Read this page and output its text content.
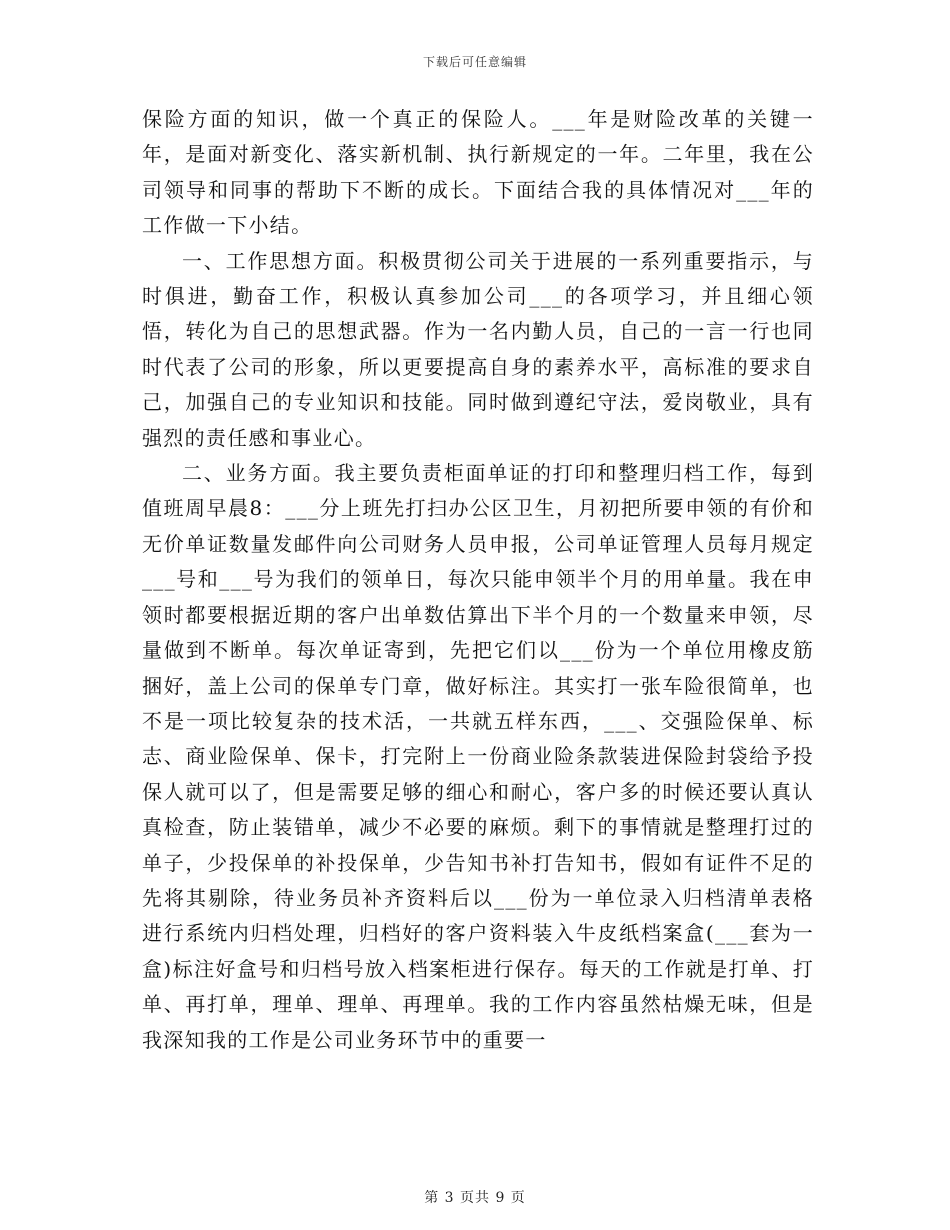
下载后可任意编辑

保险方面的知识，做一个真正的保险人。___年是财险改革的关键一年，是面对新变化、落实新机制、执行新规定的一年。二年里，我在公司领导和同事的帮助下不断的成长。下面结合我的具体情况对___年的工作做一下小结。

一、工作思想方面。积极贯彻公司关于进展的一系列重要指示，与时俱进，勤奋工作，积极认真参加公司___的各项学习，并且细心领悟，转化为自己的思想武器。作为一名内勤人员，自己的一言一行也同时代表了公司的形象，所以更要提高自身的素养水平，高标准的要求自己，加强自己的专业知识和技能。同时做到遵纪守法，爱岗敬业，具有强烈的责任感和事业心。

二、业务方面。我主要负责柜面单证的打印和整理归档工作，每到值班周早晨8：___分上班先打扫办公区卫生，月初把所要申领的有价和无价单证数量发邮件向公司财务人员申报，公司单证管理人员每月规定___号和___号为我们的领单日，每次只能申领半个月的用单量。我在申领时都要根据近期的客户出单数估算出下半个月的一个数量来申领，尽量做到不断单。每次单证寄到，先把它们以___份为一个单位用橡皮筋捆好，盖上公司的保单专门章，做好标注。其实打一张车险很简单，也不是一项比较复杂的技术活，一共就五样东西，___、交强险保单、标志、商业险保单、保卡，打完附上一份商业险条款装进保险封袋给予投保人就可以了，但是需要足够的细心和耐心，客户多的时候还要认真认真检查，防止装错单，减少不必要的麻烦。剩下的事情就是整理打过的单子，少投保单的补投保单，少告知书补打告知书，假如有证件不足的先将其剔除，待业务员补齐资料后以___份为一单位录入归档清单表格进行系统内归档处理，归档好的客户资料装入牛皮纸档案盒(___套为一盒)标注好盒号和归档号放入档案柜进行保存。每天的工作就是打单、打单、再打单，理单、理单、再理单。我的工作内容虽然枯燥无味，但是我深知我的工作是公司业务环节中的重要一

第 3 页共 9 页
